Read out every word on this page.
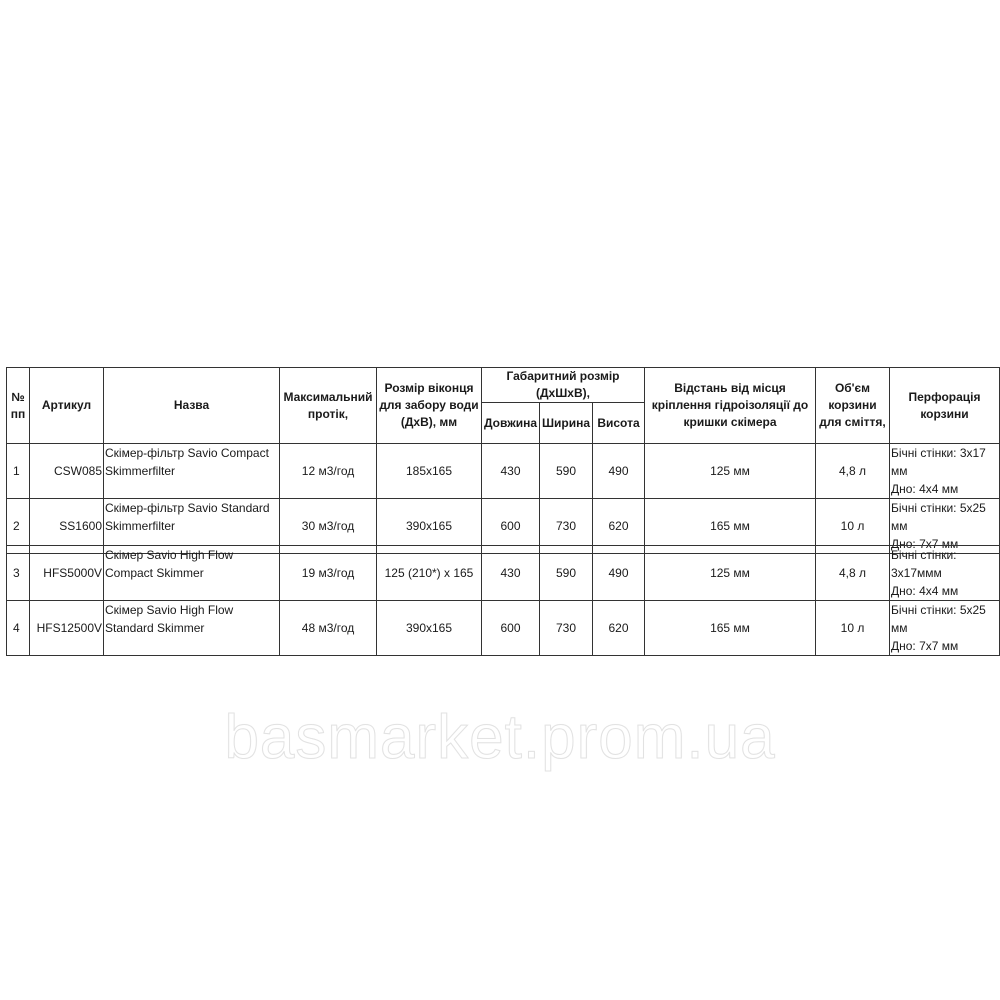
№ пп	Артикул	Назва	Максимальний протік,	Розмір віконця для забору води (ДхВ), мм	Габаритний розмір (ДхШхВ),			Відстань від місця кріплення гідроізоляції до кришки скімера	Об'єм корзини для сміття,	Перфорація корзини
					Довжина	Ширина	Висота			
1	CSW085	Скімер-фільтр Savio Compact Skimmerfilter	12 м3/год	185x165	430	590	490	125 мм	4,8 л	Бічні стінки: 3x17 мм
Дно: 4x4 мм

2	SS1600	Скімер-фільтр Savio Standard Skimmerfilter	30 м3/год	390x165	600	730	620	165 мм	10 л	Бічні стінки: 5x25 мм
Дно: 7x7 мм
3	HFS5000V	Скімер Savio High Flow Compact Skimmer	19 м3/год	125 (210*) x 165	430	590	490	125 мм	4,8 л	Бічні стінки: 3x17ммм
Дно: 4x4 мм

4	HFS12500V	Скімер Savio High Flow Standard Skimmer	48 м3/год	390x165	600	730	620	165 мм	10 л	Бічні стінки: 5x25 мм
Дно: 7x7 мм
basmarket.prom.ua
